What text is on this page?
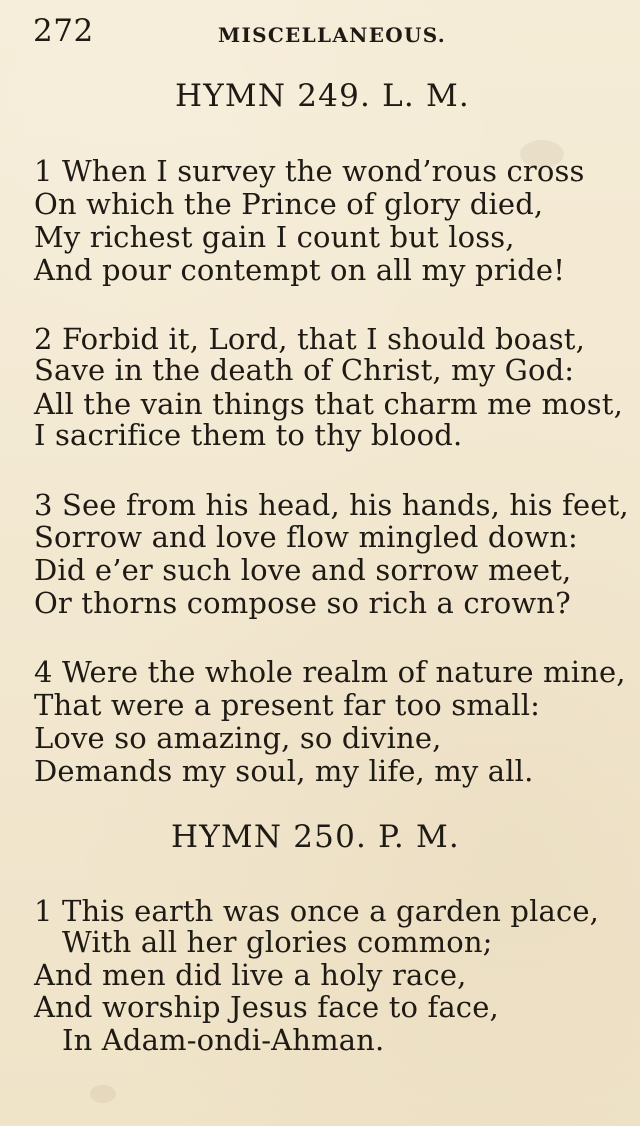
272	MISCELLANEOUS.
HYMN 249. L. M.
1 When I survey the wond’rous cross
On which the Prince of glory died,
My richest gain I count but loss,
And pour contempt on all my pride!
2 Forbid it, Lord, that I should boast,
Save in the death of Christ, my God:
All the vain things that charm me most,
I sacrifice them to thy blood.
3 See from his head, his hands, his feet,
Sorrow and love flow mingled down:
Did e’er such love and sorrow meet,
Or thorns compose so rich a crown?
4 Were the whole realm of nature mine,
That were a present far too small:
Love so amazing, so divine,
Demands my soul, my life, my all.
HYMN 250. P. M.
1 This earth was once a garden place,
With all her glories common;
And men did live a holy race,
And worship Jesus face to face,
In Adam-ondi-Ahman.
